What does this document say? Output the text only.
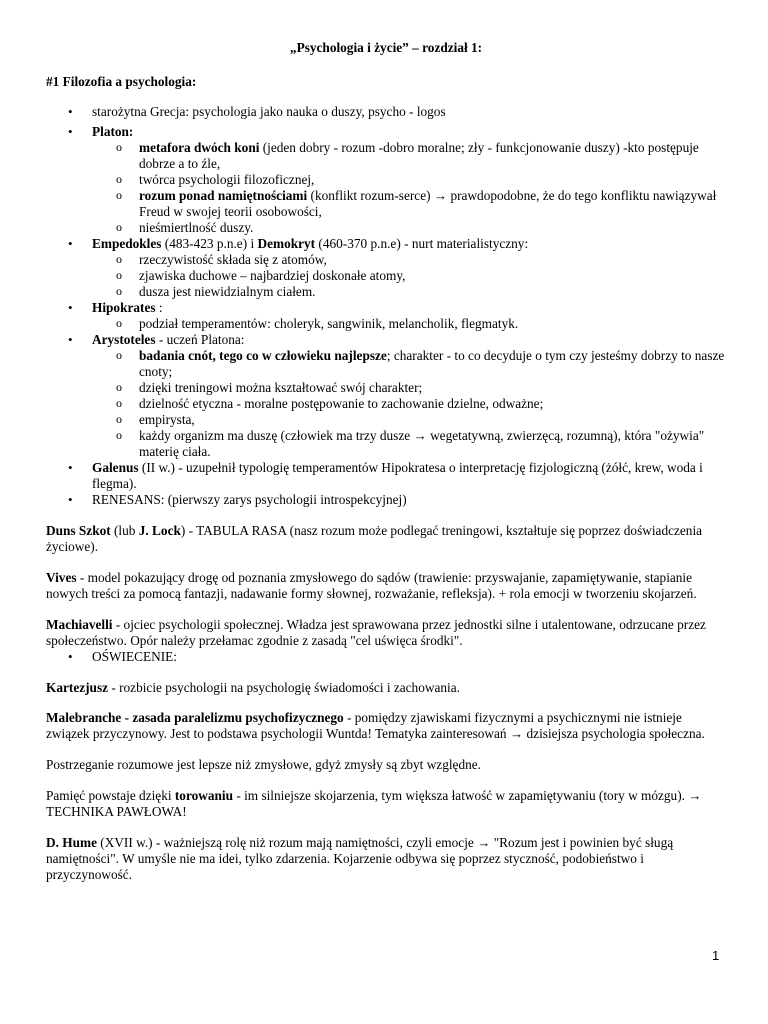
„Psychologia i życie” – rozdział 1:
#1 Filozofia a psychologia:
• starożytna Grecja: psychologia jako nauka o duszy, psycho - logos
• Platon:
o metafora dwóch koni (jeden dobry - rozum -dobro moralne; zły - funkcjonowanie duszy) -kto postępuje dobrze a to źle,
o twórca psychologii filozoficznej,
o rozum ponad namiętnościami (konflikt rozum-serce) → prawdopodobne, że do tego konfliktu nawiązywał Freud w swojej teorii osobowości,
o nieśmiertlność duszy.
• Empedokles (483-423 p.n.e) i Demokryt (460-370 p.n.e) - nurt materialistyczny:
o rzeczywistość składa się z atomów,
o zjawiska duchowe – najbardziej doskonałe atomy,
o dusza jest niewidzialnym ciałem.
• Hipokrates :
o podział temperamentów: choleryk, sangwinik, melancholik, flegmatyk.
• Arystoteles - uczeń Platona:
o badania cnót, tego co w człowieku najlepsze; charakter - to co decyduje o tym czy jesteśmy dobrzy to nasze cnoty;
o dzięki treningowi można kształtować swój charakter;
o dzielność etyczna - moralne postępowanie to zachowanie dzielne, odważne;
o empirysta,
o każdy organizm ma duszę (człowiek ma trzy dusze → wegetatywną, zwierzęcą, rozumną), która "ożywia" materię ciała.
• Galenus (II w.) - uzupełnił typologię temperamentów Hipokratesa o interpretację fizjologiczną (żółć, krew, woda i flegma).
• RENESANS: (pierwszy zarys psychologii introspekcyjnej)

Duns Szkot (lub J. Lock) - TABULA RASA (nasz rozum może podlegać treningowi, kształtuje się poprzez doświadczenia życiowe).

Vives - model pokazujący drogę od poznania zmysłowego do sądów (trawienie: przyswajanie, zapamiętywanie, stapianie nowych treści za pomocą fantazji, nadawanie formy słownej, rozważanie, refleksja). + rola emocji w tworzeniu skojarzeń.

Machiavelli - ojciec psychologii społecznej. Władza jest sprawowana przez jednostki silne i utalentowane, odrzucane przez społeczeństwo. Opór należy przełamac zgodnie z zasadą "cel uświęca środki".

• OŚWIECENIE:

Kartezjusz - rozbicie psychologii na psychologię świadomości i zachowania.

Malebranche - zasada paralelizmu psychofizycznego - pomiędzy zjawiskami fizycznymi a psychicznymi nie istnieje związek przyczynowy. Jest to podstawa psychologii Wuntda! Tematyka zainteresowań → dzisiejsza psychologia społeczna.

Postrzeganie rozumowe jest lepsze niż zmysłowe, gdyż zmysły są zbyt względne.

Pamięć powstaje dzięki torowaniu - im silniejsze skojarzenia, tym większa łatwość w zapamiętywaniu (tory w mózgu). → TECHNIKA PAWŁOWA!

D. Hume (XVII w.) - ważniejszą rolę niż rozum mają namiętności, czyli emocje → "Rozum jest i powinien być sługą namiętności". W umyśle nie ma idei, tylko zdarzenia. Kojarzenie odbywa się poprzez styczność, podobieństwo i przyczynowość.

1
